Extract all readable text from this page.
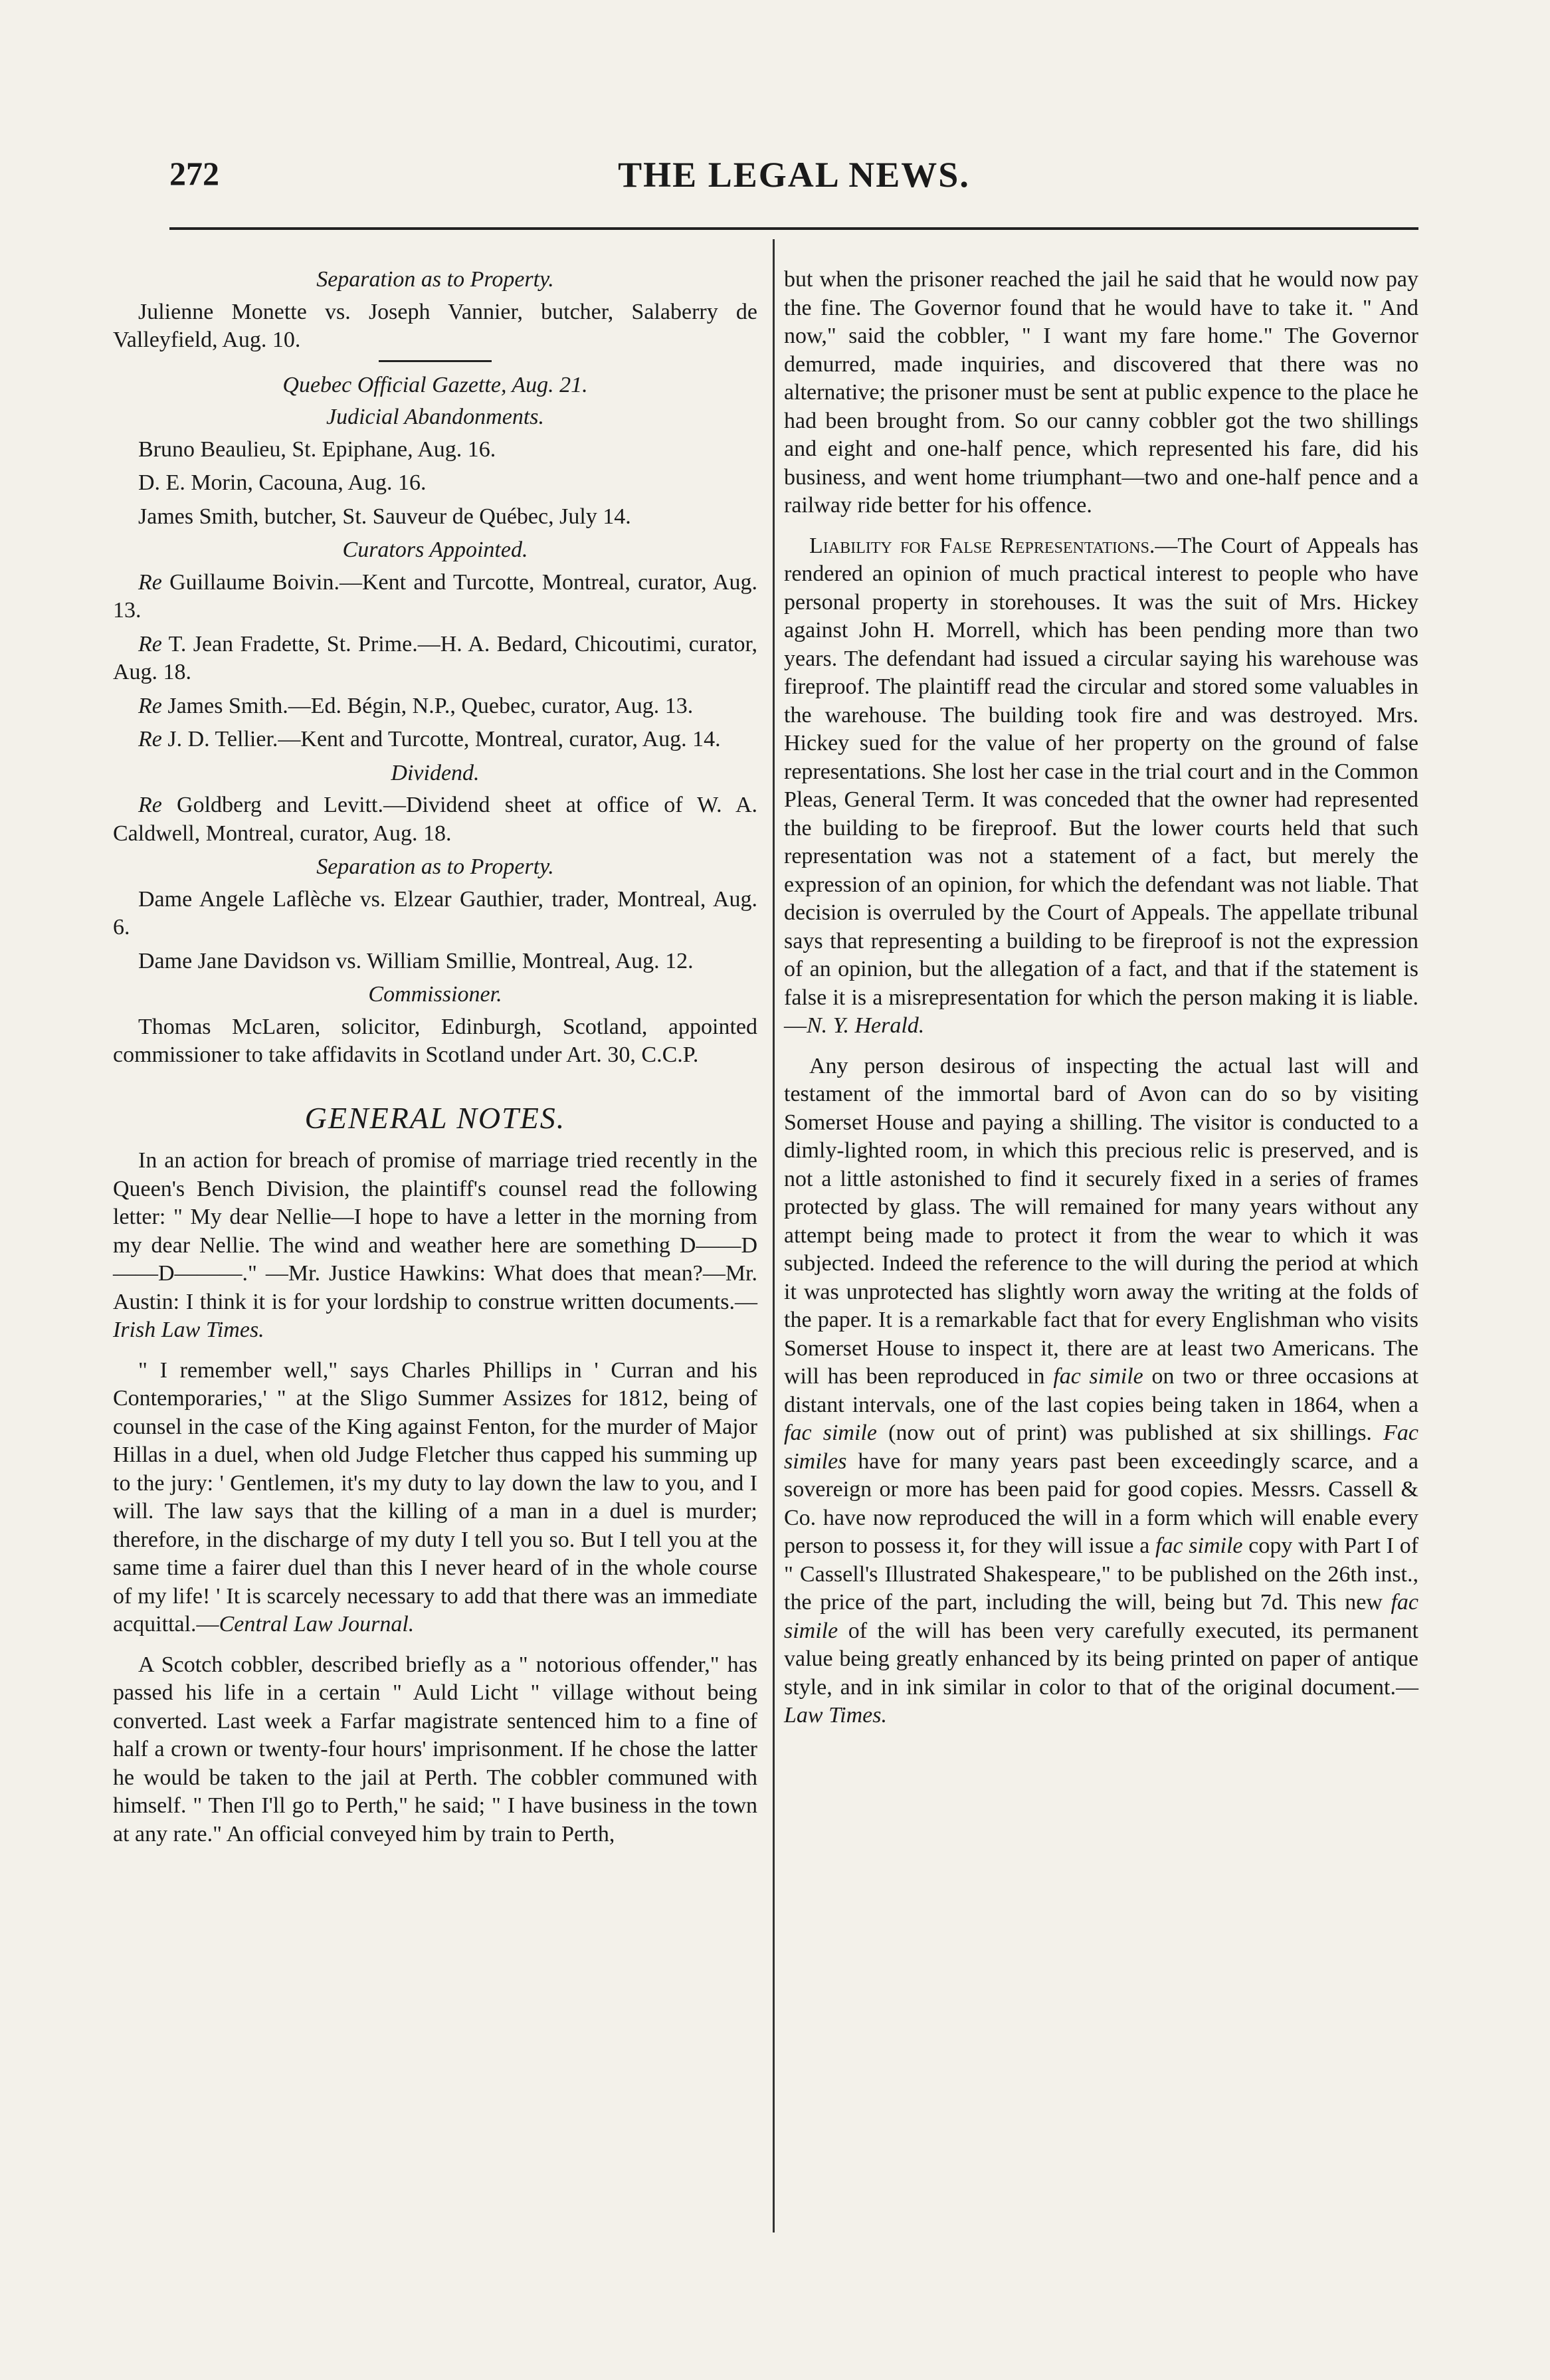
272	THE LEGAL NEWS.
Separation as to Property.

Julienne Monette vs. Joseph Vannier, butcher, Salaberry de Valleyfield, Aug. 10.

Quebec Official Gazette, Aug. 21.
Judicial Abandonments.

Bruno Beaulieu, St. Epiphane, Aug. 16.

D. E. Morin, Cacouna, Aug. 16.

James Smith, butcher, St. Sauveur de Québec, July 14.

Curators Appointed.

Re Guillaume Boivin.—Kent and Turcotte, Montreal, curator, Aug. 13.

Re T. Jean Fradette, St. Prime.—H. A. Bedard, Chicoutimi, curator, Aug. 18.

Re James Smith.—Ed. Bégin, N.P., Quebec, curator, Aug. 13.

Re J. D. Tellier.—Kent and Turcotte, Montreal, curator, Aug. 14.

Dividend.

Re Goldberg and Levitt.—Dividend sheet at office of W. A. Caldwell, Montreal, curator, Aug. 18.

Separation as to Property.

Dame Angele Laflèche vs. Elzear Gauthier, trader, Montreal, Aug. 6.

Dame Jane Davidson vs. William Smillie, Montreal, Aug. 12.

Commissioner.

Thomas McLaren, solicitor, Edinburgh, Scotland, appointed commissioner to take affidavits in Scotland under Art. 30, C.C.P.

GENERAL NOTES.

In an action for breach of promise of marriage tried recently in the Queen's Bench Division, the plaintiff's counsel read the following letter: " My dear Nellie—I hope to have a letter in the morning from my dear Nellie. The wind and weather here are something D——D——D———." —Mr. Justice Hawkins: What does that mean?—Mr. Austin: I think it is for your lordship to construe written documents.—Irish Law Times.

" I remember well," says Charles Phillips in ' Curran and his Contemporaries,' " at the Sligo Summer Assizes for 1812, being of counsel in the case of the King against Fenton, for the murder of Major Hillas in a duel, when old Judge Fletcher thus capped his summing up to the jury: ' Gentlemen, it's my duty to lay down the law to you, and I will. The law says that the killing of a man in a duel is murder; therefore, in the discharge of my duty I tell you so. But I tell you at the same time a fairer duel than this I never heard of in the whole course of my life! ' It is scarcely necessary to add that there was an immediate acquittal.—Central Law Journal.

A Scotch cobbler, described briefly as a " notorious offender," has passed his life in a certain " Auld Licht " village without being converted. Last week a Farfar magistrate sentenced him to a fine of half a crown or twenty-four hours' imprisonment. If he chose the latter he would be taken to the jail at Perth. The cobbler communed with himself. " Then I'll go to Perth," he said; " I have business in the town at any rate." An official conveyed him by train to Perth,

but when the prisoner reached the jail he said that he would now pay the fine. The Governor found that he would have to take it. " And now," said the cobbler, " I want my fare home." The Governor demurred, made inquiries, and discovered that there was no alternative; the prisoner must be sent at public expence to the place he had been brought from. So our canny cobbler got the two shillings and eight and one-half pence, which represented his fare, did his business, and went home triumphant—two and one-half pence and a railway ride better for his offence.

Liability for False Representations.—The Court of Appeals has rendered an opinion of much practical interest to people who have personal property in storehouses. It was the suit of Mrs. Hickey against John H. Morrell, which has been pending more than two years. The defendant had issued a circular saying his warehouse was fireproof. The plaintiff read the circular and stored some valuables in the warehouse. The building took fire and was destroyed. Mrs. Hickey sued for the value of her property on the ground of false representations. She lost her case in the trial court and in the Common Pleas, General Term. It was conceded that the owner had represented the building to be fireproof. But the lower courts held that such representation was not a statement of a fact, but merely the expression of an opinion, for which the defendant was not liable. That decision is overruled by the Court of Appeals. The appellate tribunal says that representing a building to be fireproof is not the expression of an opinion, but the allegation of a fact, and that if the statement is false it is a misrepresentation for which the person making it is liable.—N. Y. Herald.

Any person desirous of inspecting the actual last will and testament of the immortal bard of Avon can do so by visiting Somerset House and paying a shilling. The visitor is conducted to a dimly-lighted room, in which this precious relic is preserved, and is not a little astonished to find it securely fixed in a series of frames protected by glass. The will remained for many years without any attempt being made to protect it from the wear to which it was subjected. Indeed the reference to the will during the period at which it was unprotected has slightly worn away the writing at the folds of the paper. It is a remarkable fact that for every Englishman who visits Somerset House to inspect it, there are at least two Americans. The will has been reproduced in fac simile on two or three occasions at distant intervals, one of the last copies being taken in 1864, when a fac simile (now out of print) was published at six shillings. Fac similes have for many years past been exceedingly scarce, and a sovereign or more has been paid for good copies. Messrs. Cassell & Co. have now reproduced the will in a form which will enable every person to possess it, for they will issue a fac simile copy with Part I of " Cassell's Illustrated Shakespeare," to be published on the 26th inst., the price of the part, including the will, being but 7d. This new fac simile of the will has been very carefully executed, its permanent value being greatly enhanced by its being printed on paper of antique style, and in ink similar in color to that of the original document.—Law Times.
